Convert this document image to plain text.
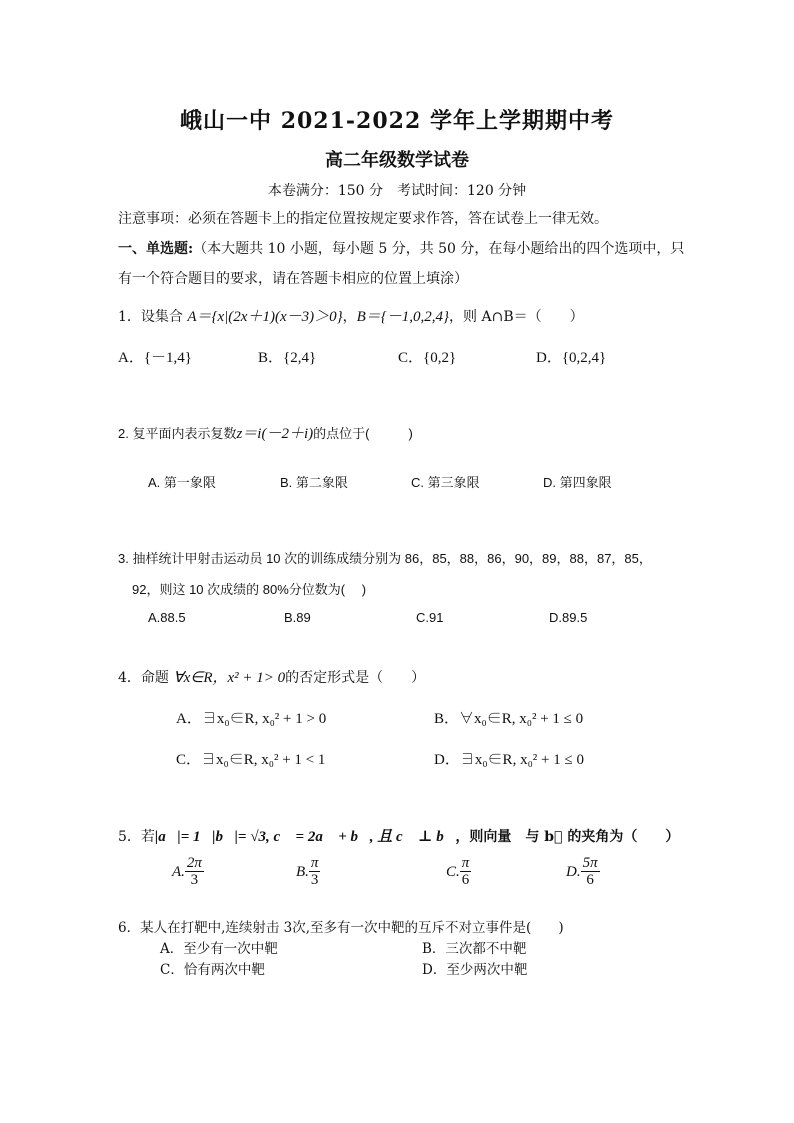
峨山一中 2021-2022 学年上学期期中考
高二年级数学试卷
本卷满分：150 分　考试时间：120 分钟
注意事项：必须在答题卡上的指定位置按规定要求作答，答在试卷上一律无效。
一、单选题:（本大题共 10 小题，每小题 5 分，共 50 分，在每小题给出的四个选项中，只
有一个符合题目的要求，请在答题卡相应的位置上填涂）
1．设集合 A＝{x|(2x＋1)(x－3)＞0}，B＝{－1,0,2,4}，则 A∩B＝（　　）
A．{－1,4}	B．{2,4}	C．{0,2}	D．{0,2,4}
2. 复平面内表示复数z＝i(－2＋i)的点位于(　　　)
A. 第一象限	B. 第二象限	C. 第三象限	D. 第四象限
3. 抽样统计甲射击运动员 10 次的训练成绩分别为 86，85，88，86，90，89，88，87，85，
92，则这 10 次成绩的 80%分位数为(　 )
A.88.5	B.89	C.91	D.89.5
4．命题 ∀x∈R，x² + 1> 0的否定形式是（　　）
A．∃x₀∈R, x₀² + 1 > 0	B．∀x₀∈R, x₀² + 1 ≤ 0
C．∃x₀∈R, x₀² + 1 < 1	D．∃x₀∈R, x₀² + 1 ≤ 0
5．若|a⃗|= 1，|b⃗|= √3, c⃗ = 2a⃗ + b⃗, 且 c⃗ ⊥ b⃗，则向量　与 b⃗ 的夹角为（　　）
A. $\frac{2\pi}{3}$	B. $\frac{\pi}{3}$	C. $\frac{\pi}{6}$	D. $\frac{5\pi}{6}$
6．某人在打靶中,连续射击 3次,至多有一次中靶的互斥不对立事件是(　　)
A．至少有一次中靶	B．三次都不中靶
C．恰有两次中靶	D．至少两次中靶
